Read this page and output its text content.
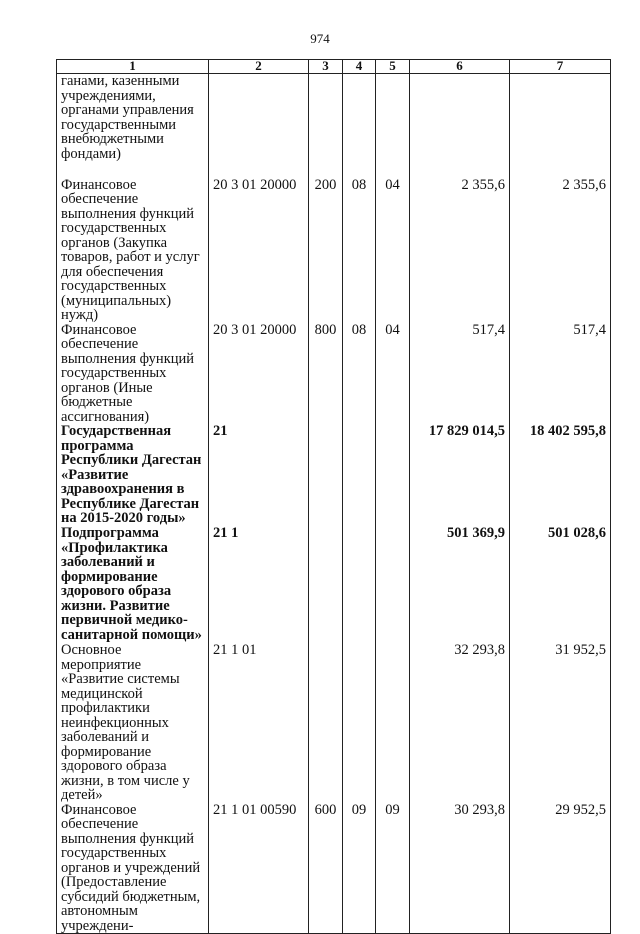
974
1	2	3	4	5	6	7
ганами, казенными учреждениями, органами управления государственными внебюджетными фондами)						
Финансовое обеспечение выполнения функций государственных органов (Закупка товаров, работ и услуг для обеспечения государственных (муниципальных) нужд)	20 3 01 20000	200	08	04	2 355,6	2 355,6
Финансовое обеспечение выполнения функций государственных органов (Иные бюджетные ассигнования)	20 3 01 20000	800	08	04	517,4	517,4
Государственная программа Республики Дагестан «Развитие здравоохранения в Республике Дагестан на 2015-2020 годы»	21				17 829 014,5	18 402 595,8
Подпрограмма «Профилактика заболеваний и формирование здорового образа жизни. Развитие первичной медико-санитарной помощи»	21 1				501 369,9	501 028,6
Основное мероприятие «Развитие системы медицинской профилактики неинфекционных заболеваний и формирование здорового образа жизни, в том числе у детей»	21 1 01				32 293,8	31 952,5
Финансовое обеспечение выполнения функций государственных органов и учреждений (Предоставление субсидий бюджетным, автономным учреждени-	21 1 01 00590	600	09	09	30 293,8	29 952,5
